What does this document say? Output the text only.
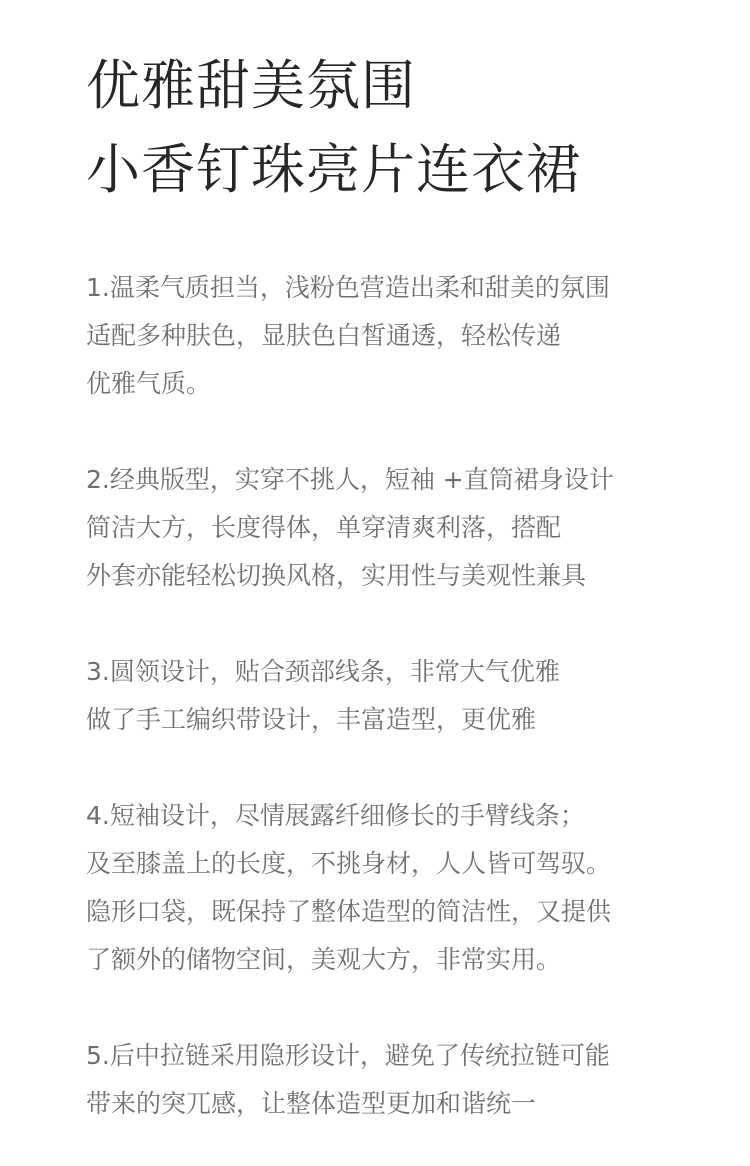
优雅甜美氛围
小香钉珠亮片连衣裙
1.温柔气质担当，浅粉色营造出柔和甜美的氛围
适配多种肤色，显肤色白皙通透，轻松传递
优雅气质。
2.经典版型，实穿不挑人，短袖 +直筒裙身设计
简洁大方，长度得体，单穿清爽利落，搭配
外套亦能轻松切换风格，实用性与美观性兼具
3.圆领设计，贴合颈部线条，非常大气优雅
做了手工编织带设计，丰富造型，更优雅
4.短袖设计，尽情展露纤细修长的手臂线条；
及至膝盖上的长度，不挑身材，人人皆可驾驭。
隐形口袋，既保持了整体造型的简洁性，又提供
了额外的储物空间，美观大方，非常实用。
5.后中拉链采用隐形设计，避免了传统拉链可能
带来的突兀感，让整体造型更加和谐统一
